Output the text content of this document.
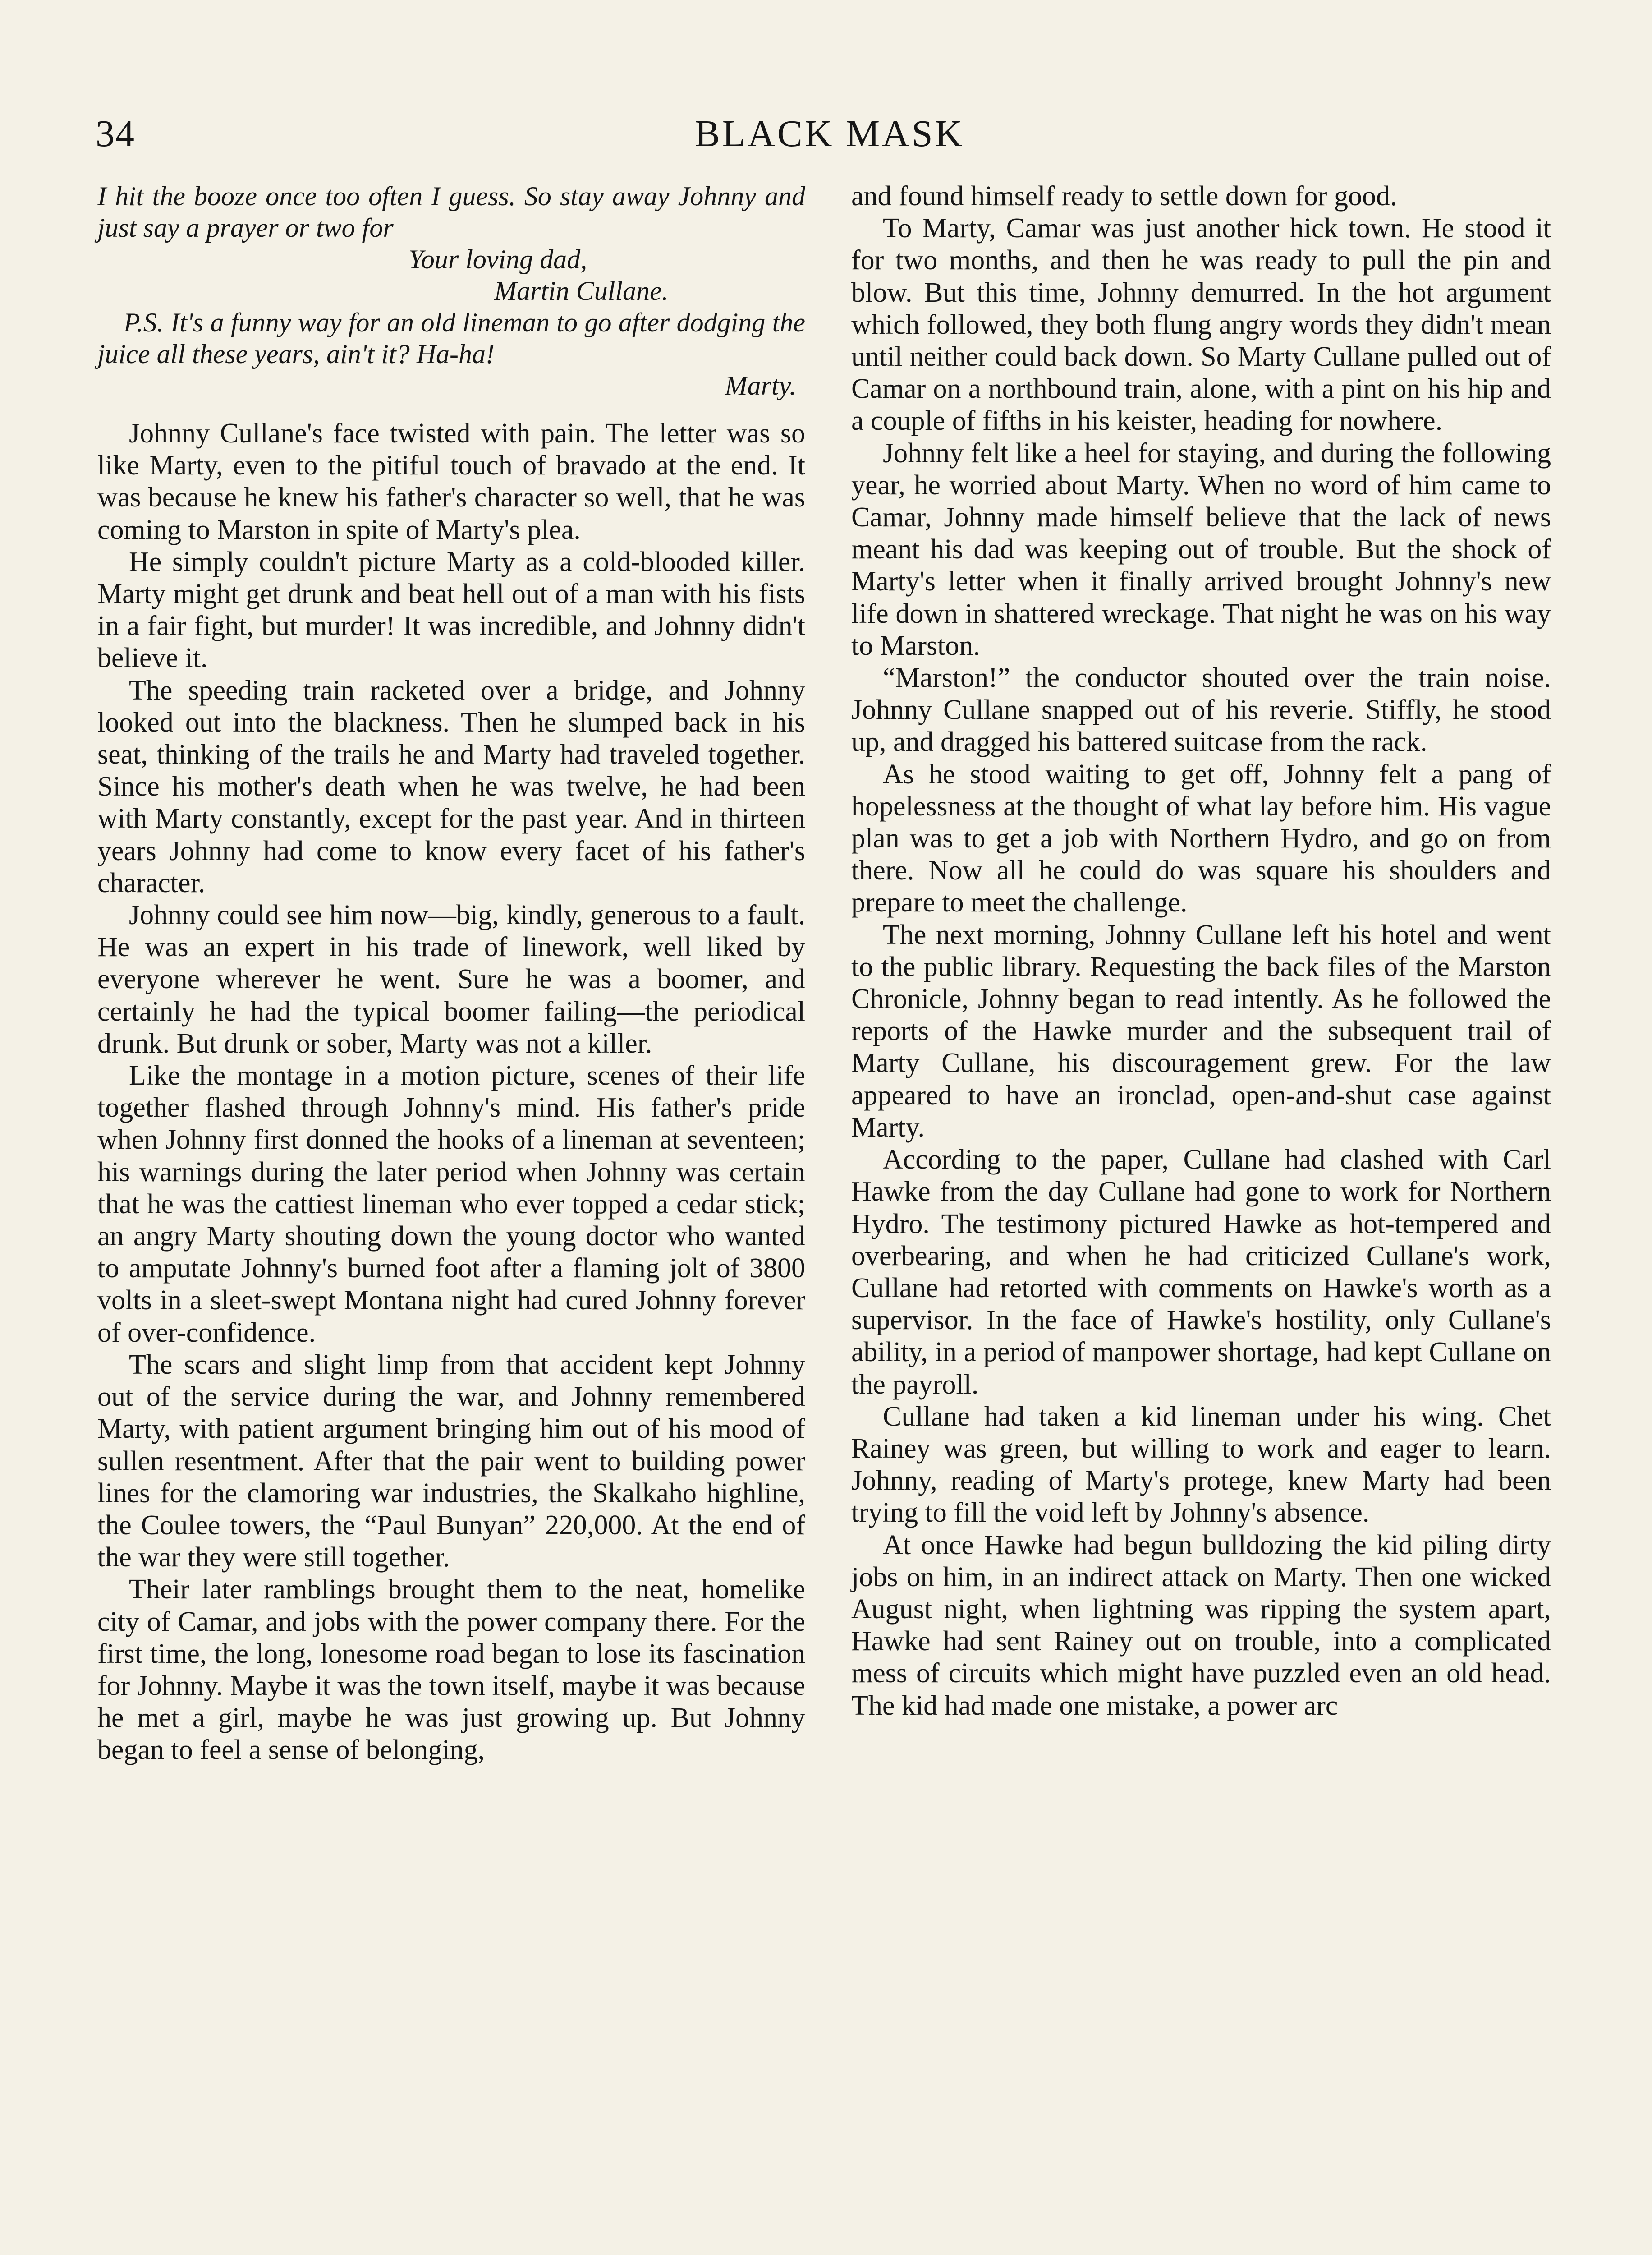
34	BLACK MASK

I hit the booze once too often I guess. So stay away Johnny and just say a prayer or two for

Your loving dad,

Martin Cullane.

P.S. It's a funny way for an old lineman to go after dodging the juice all these years, ain't it? Ha-ha!

Marty.

Johnny Cullane's face twisted with pain. The letter was so like Marty, even to the pitiful touch of bravado at the end. It was because he knew his father's character so well, that he was coming to Marston in spite of Marty's plea.

He simply couldn't picture Marty as a cold-blooded killer. Marty might get drunk and beat hell out of a man with his fists in a fair fight, but murder! It was incredible, and Johnny didn't believe it.

The speeding train racketed over a bridge, and Johnny looked out into the blackness. Then he slumped back in his seat, thinking of the trails he and Marty had traveled together. Since his mother's death when he was twelve, he had been with Marty constantly, except for the past year. And in thirteen years Johnny had come to know every facet of his father's character.

Johnny could see him now—big, kindly, generous to a fault. He was an expert in his trade of linework, well liked by everyone wherever he went. Sure he was a boomer, and certainly he had the typical boomer failing—the periodical drunk. But drunk or sober, Marty was not a killer.

Like the montage in a motion picture, scenes of their life together flashed through Johnny's mind. His father's pride when Johnny first donned the hooks of a lineman at seventeen; his warnings during the later period when Johnny was certain that he was the cattiest lineman who ever topped a cedar stick; an angry Marty shouting down the young doctor who wanted to amputate Johnny's burned foot after a flaming jolt of 3800 volts in a sleet-swept Montana night had cured Johnny forever of over-confidence.

The scars and slight limp from that accident kept Johnny out of the service during the war, and Johnny remembered Marty, with patient argument bringing him out of his mood of sullen resentment. After that the pair went to building power lines for the clamoring war industries, the Skalkaho highline, the Coulee towers, the “Paul Bunyan” 220,000. At the end of the war they were still together.

Their later ramblings brought them to the neat, homelike city of Camar, and jobs with the power company there. For the first time, the long, lonesome road began to lose its fascination for Johnny. Maybe it was the town itself, maybe it was because he met a girl, maybe he was just growing up. But Johnny began to feel a sense of belonging,

and found himself ready to settle down for good.

To Marty, Camar was just another hick town. He stood it for two months, and then he was ready to pull the pin and blow. But this time, Johnny demurred. In the hot argument which followed, they both flung angry words they didn't mean until neither could back down. So Marty Cullane pulled out of Camar on a northbound train, alone, with a pint on his hip and a couple of fifths in his keister, heading for nowhere.

Johnny felt like a heel for staying, and during the following year, he worried about Marty. When no word of him came to Camar, Johnny made himself believe that the lack of news meant his dad was keeping out of trouble. But the shock of Marty's letter when it finally arrived brought Johnny's new life down in shattered wreckage. That night he was on his way to Marston.

“Marston!” the conductor shouted over the train noise. Johnny Cullane snapped out of his reverie. Stiffly, he stood up, and dragged his battered suitcase from the rack.

As he stood waiting to get off, Johnny felt a pang of hopelessness at the thought of what lay before him. His vague plan was to get a job with Northern Hydro, and go on from there. Now all he could do was square his shoulders and prepare to meet the challenge.

The next morning, Johnny Cullane left his hotel and went to the public library. Requesting the back files of the Marston Chronicle, Johnny began to read intently. As he followed the reports of the Hawke murder and the subsequent trail of Marty Cullane, his discouragement grew. For the law appeared to have an ironclad, open-and-shut case against Marty.

According to the paper, Cullane had clashed with Carl Hawke from the day Cullane had gone to work for Northern Hydro. The testimony pictured Hawke as hot-tempered and overbearing, and when he had criticized Cullane's work, Cullane had retorted with comments on Hawke's worth as a supervisor. In the face of Hawke's hostility, only Cullane's ability, in a period of manpower shortage, had kept Cullane on the payroll.

Cullane had taken a kid lineman under his wing. Chet Rainey was green, but willing to work and eager to learn. Johnny, reading of Marty's protege, knew Marty had been trying to fill the void left by Johnny's absence.

At once Hawke had begun bulldozing the kid piling dirty jobs on him, in an indirect attack on Marty. Then one wicked August night, when lightning was ripping the system apart, Hawke had sent Rainey out on trouble, into a complicated mess of circuits which might have puzzled even an old head. The kid had made one mistake, a power arc
